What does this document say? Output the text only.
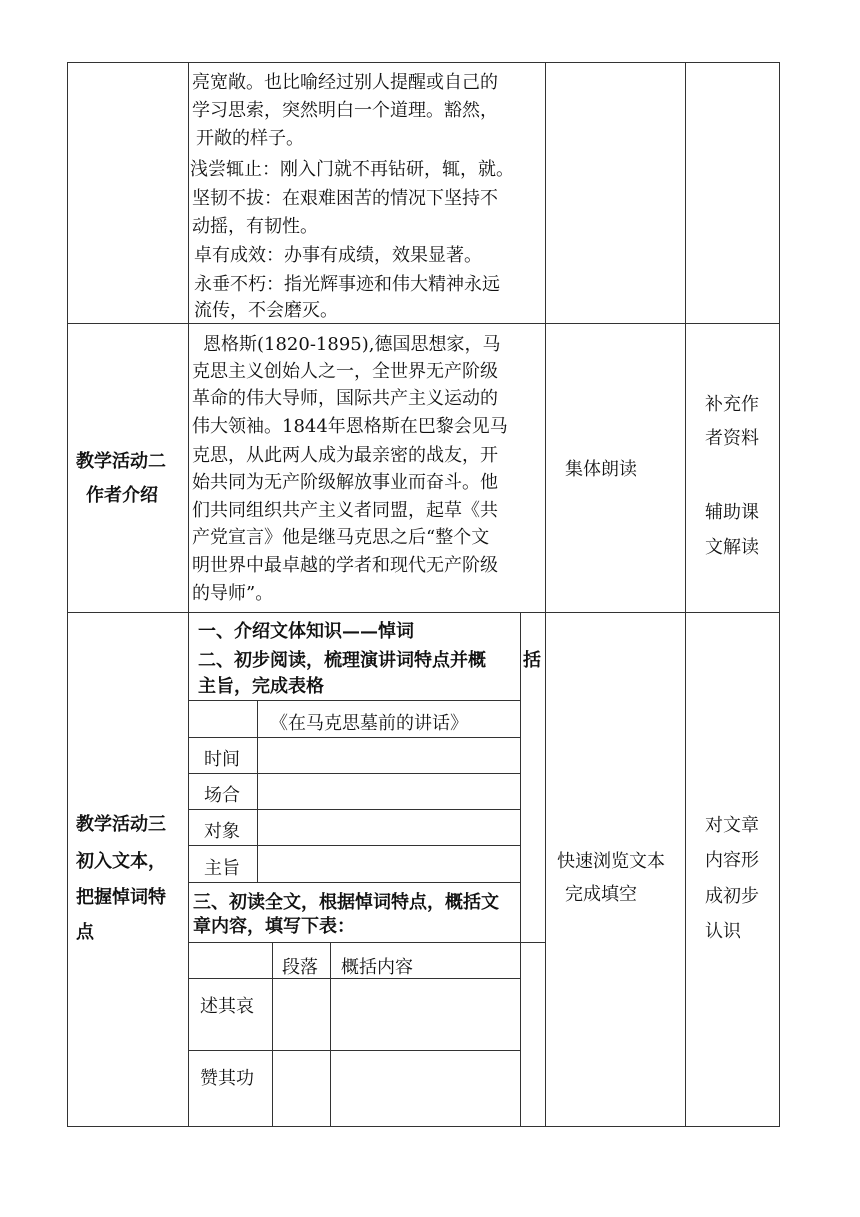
亮宽敞。也比喻经过别人提醒或自己的
学习思索，突然明白一个道理。豁然，
开敞的样子。
浅尝辄止：刚入门就不再钻研，辄，就。
坚韧不拔：在艰难困苦的情况下坚持不
动摇，有韧性。
卓有成效：办事有成绩，效果显著。
永垂不朽：指光辉事迹和伟大精神永远
流传，不会磨灭。
教学活动二
作者介绍
恩格斯(1820-1895),德国思想家，马
克思主义创始人之一，全世界无产阶级
革命的伟大导师，国际共产主义运动的
伟大领袖。1844年恩格斯在巴黎会见马
克思，从此两人成为最亲密的战友，开
始共同为无产阶级解放事业而奋斗。他
们共同组织共产主义者同盟，起草《共
产党宣言》他是继马克思之后“整个文
明世界中最卓越的学者和现代无产阶级
的导师”。
集体朗读
补充作
者资料
辅助课
文解读
教学活动三
初入文本，
把握悼词特
点
一、介绍文体知识——悼词
二、初步阅读，梳理演讲词特点并概 括
主旨，完成表格
《在马克思墓前的讲话》
时间
场合
对象
主旨
三、初读全文，根据悼词特点，概括文
章内容，填写下表：
段落 概括内容
述其哀
赞其功
快速浏览文本
完成填空
对文章
内容形
成初步
认识
